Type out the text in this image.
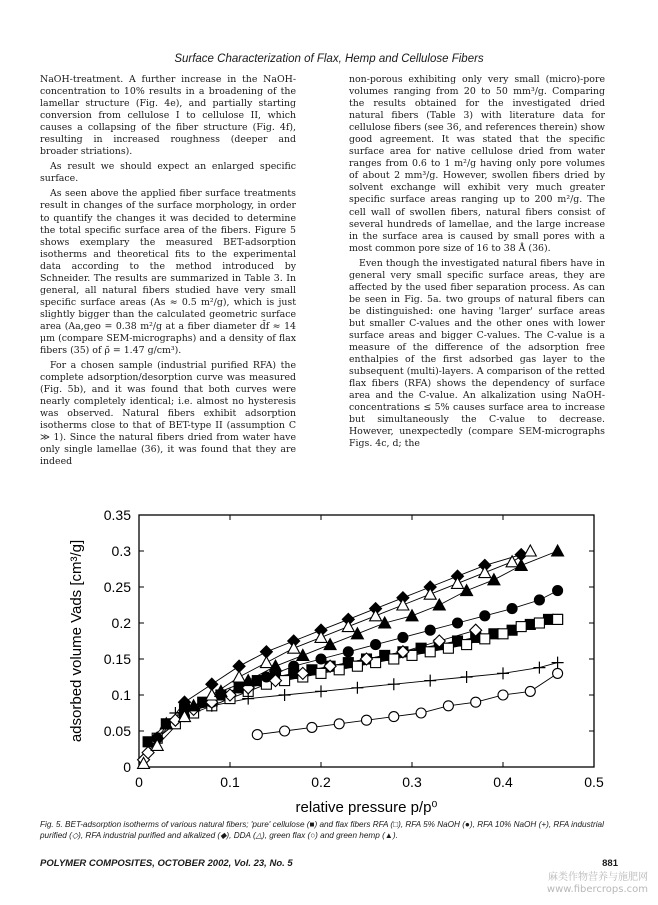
Surface Characterization of Flax, Hemp and Cellulose Fibers

NaOH-treatment. A further increase in the NaOH-concentration to 10% results in a broadening of the lamellar structure (Fig. 4e), and partially starting conversion from cellulose I to cellulose II, which causes a collapsing of the fiber structure (Fig. 4f), resulting in increased roughness (deeper and broader striations).

As result we should expect an enlarged specific surface.

As seen above the applied fiber surface treatments result in changes of the surface morphology, in order to quantify the changes it was decided to determine the total specific surface area of the fibers. Figure 5 shows exemplary the measured BET-adsorption isotherms and theoretical fits to the experimental data according to the method introduced by Schneider. The results are summarized in Table 3. In general, all natural fibers studied have very small specific surface areas (As ≈ 0.5 m²/g), which is just slightly bigger than the calculated geometric surface area (Aa,geo = 0.38 m²/g at a fiber diameter d̄f ≈ 14 μm (compare SEM-micrographs) and a density of flax fibers (35) of ρ̄ = 1.47 g/cm³).

For a chosen sample (industrial purified RFA) the complete adsorption/desorption curve was measured (Fig. 5b), and it was found that both curves were nearly completely identical; i.e. almost no hysteresis was observed. Natural fibers exhibit adsorption isotherms close to that of BET-type II (assumption C ≫ 1). Since the natural fibers dried from water have only single lamellae (36), it was found that they are indeed

non-porous exhibiting only very small (micro)-pore volumes ranging from 20 to 50 mm³/g. Comparing the results obtained for the investigated dried natural fibers (Table 3) with literature data for cellulose fibers (see 36, and references therein) show good agreement. It was stated that the specific surface area for native cellulose dried from water ranges from 0.6 to 1 m²/g having only pore volumes of about 2 mm³/g. However, swollen fibers dried by solvent exchange will exhibit very much greater specific surface areas ranging up to 200 m²/g. The cell wall of swollen fibers, natural fibers consist of several hundreds of lamellae, and the large increase in the surface area is caused by small pores with a most common pore size of 16 to 38 Å (36).

Even though the investigated natural fibers have in general very small specific surface areas, they are affected by the used fiber separation process. As can be seen in Fig. 5a. two groups of natural fibers can be distinguished: one having 'larger' surface areas but smaller C-values and the other ones with lower surface areas and bigger C-values. The C-value is a measure of the difference of the adsorption free enthalpies of the first adsorbed gas layer to the subsequent (multi)-layers. A comparison of the retted flax fibers (RFA) shows the dependency of surface area and the C-value. An alkalization using NaOH-concentrations ≤ 5% causes surface area to increase but simultaneously the C-value to decrease. However, unexpectedly (compare SEM-micrographs Figs. 4c, d; the

0
0.05
0.1
0.15
0.2
0.25
0.3
0.35
0	0.1	0.2	0.3	0.4	0.5
relative pressure p/p⁰
adsorbed volume Vads [cm³/g]
Fig. 5. BET-adsorption isotherms of various natural fibers; 'pure' cellulose (■) and flax fibers RFA (□), RFA 5% NaOH (●), RFA 10% NaOH (+), RFA industrial purified (◇), RFA industrial purified and alkalized (◆), DDA (△), green flax (○) and green hemp (▲).
POLYMER COMPOSITES, OCTOBER 2002, Vol. 23, No. 5	881
麻类作物营养与施肥网
www.fibercrops.com
